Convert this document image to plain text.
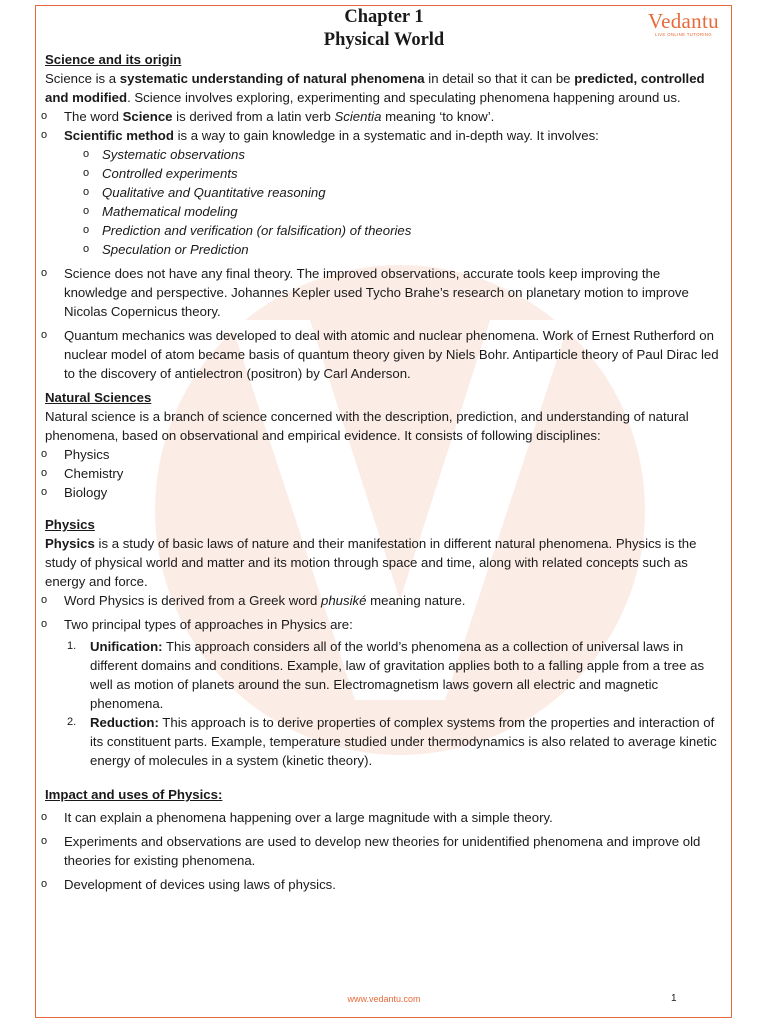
Vedantu
LIVE ONLINE TUTORING
Chapter 1
Physical World
Science and its origin

Science is a systematic understanding of natural phenomena in detail so that it can be predicted, controlled and modified. Science involves exploring, experimenting and speculating phenomena happening around us.

o The word Science is derived from a latin verb Scientia meaning ‘to know’.
o Scientific method is a way to gain knowledge in a systematic and in-depth way. It involves:
o Systematic observations
o Controlled experiments
o Qualitative and Quantitative reasoning
o Mathematical modeling
o Prediction and verification (or falsification) of theories
o Speculation or Prediction
o Science does not have any final theory. The improved observations, accurate tools keep improving the knowledge and perspective. Johannes Kepler used Tycho Brahe’s research on planetary motion to improve Nicolas Copernicus theory.
o Quantum mechanics was developed to deal with atomic and nuclear phenomena. Work of Ernest Rutherford on nuclear model of atom became basis of quantum theory given by Niels Bohr. Antiparticle theory of Paul Dirac led to the discovery of antielectron (positron) by Carl Anderson.
Natural Sciences

Natural science is a branch of science concerned with the description, prediction, and understanding of natural phenomena, based on observational and empirical evidence. It consists of following disciplines:

o Physics
o Chemistry
o Biology
Physics

Physics is a study of basic laws of nature and their manifestation in different natural phenomena. Physics is the study of physical world and matter and its motion through space and time, along with related concepts such as energy and force.

o Word Physics is derived from a Greek word phusiké meaning nature.
o Two principal types of approaches in Physics are:
1. Unification: This approach considers all of the world’s phenomena as a collection of universal laws in different domains and conditions. Example, law of gravitation applies both to a falling apple from a tree as well as motion of planets around the sun. Electromagnetism laws govern all electric and magnetic phenomena.
2. Reduction: This approach is to derive properties of complex systems from the properties and interaction of its constituent parts. Example, temperature studied under thermodynamics is also related to average kinetic energy of molecules in a system (kinetic theory).
Impact and uses of Physics:
o It can explain a phenomena happening over a large magnitude with a simple theory.
o Experiments and observations are used to develop new theories for unidentified phenomena and improve old theories for existing phenomena.
o Development of devices using laws of physics.
www.vedantu.com	1
